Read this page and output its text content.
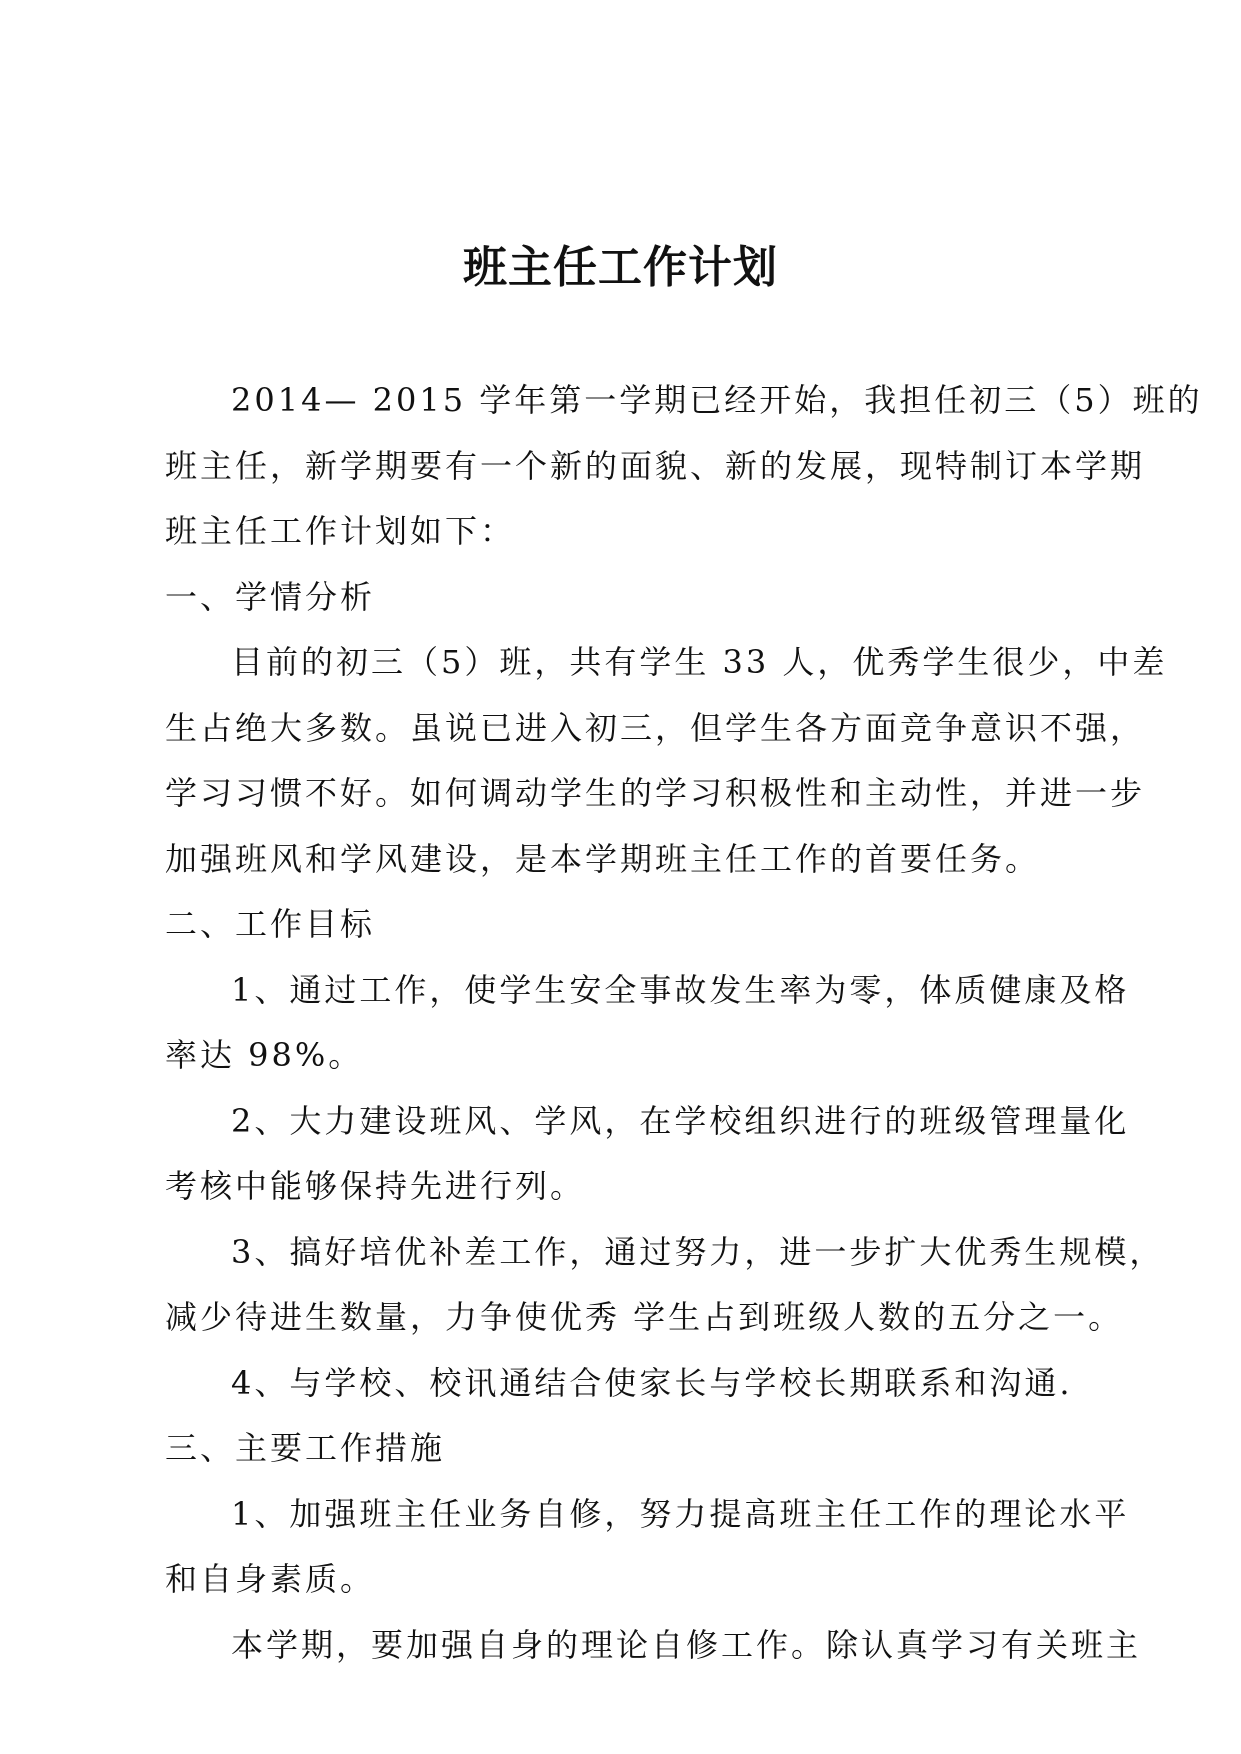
班主任工作计划
2014— 2015 学年第一学期已经开始，我担任初三（5）班的
班主任，新学期要有一个新的面貌、新的发展，现特制订本学期
班主任工作计划如下：
一、学情分析
目前的初三（5）班，共有学生 33 人，优秀学生很少，中差
生占绝大多数。虽说已进入初三，但学生各方面竞争意识不强，
学习习惯不好。如何调动学生的学习积极性和主动性，并进一步
加强班风和学风建设，是本学期班主任工作的首要任务。
二、工作目标
1、通过工作，使学生安全事故发生率为零，体质健康及格
率达 98%。
2、大力建设班风、学风，在学校组织进行的班级管理量化
考核中能够保持先进行列。
3、搞好培优补差工作，通过努力，进一步扩大优秀生规模，
减少待进生数量，力争使优秀 学生占到班级人数的五分之一。
4、与学校、校讯通结合使家长与学校长期联系和沟通.
三、主要工作措施
1、加强班主任业务自修，努力提高班主任工作的理论水平
和自身素质。
本学期，要加强自身的理论自修工作。除认真学习有关班主
